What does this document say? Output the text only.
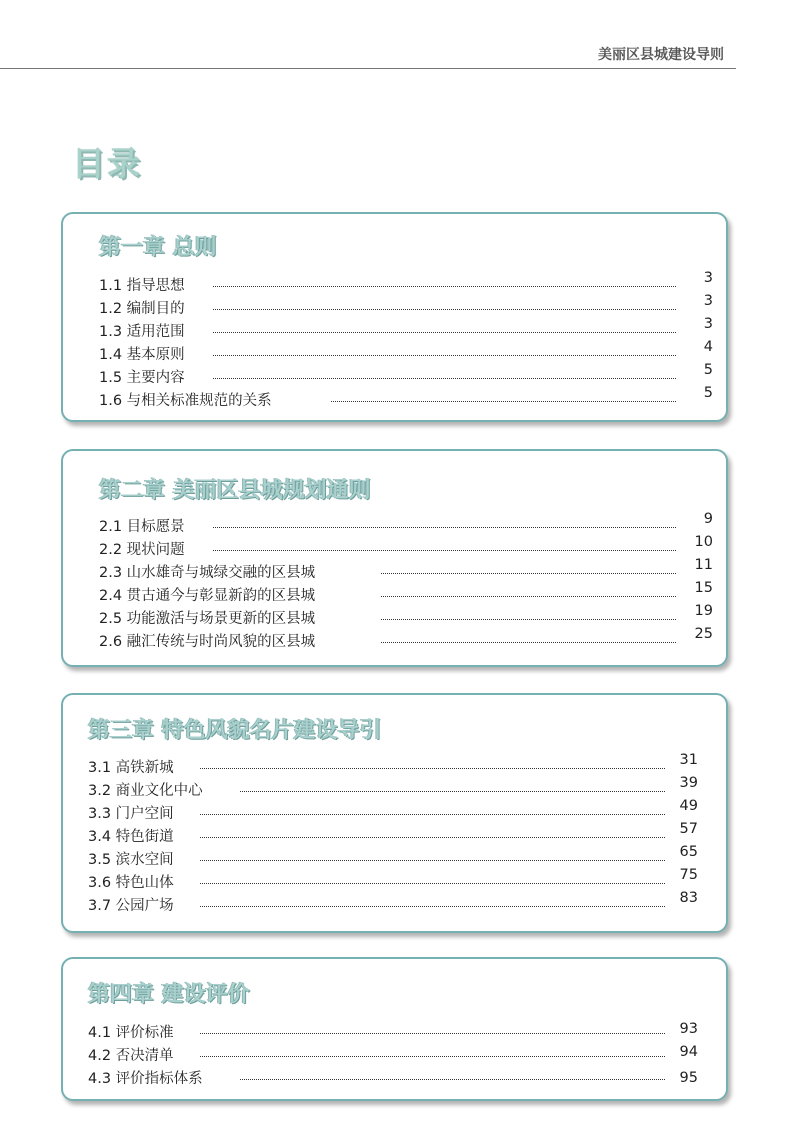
美丽区县城建设导则
目录
第一章 总则
1.1 指导思想	3
1.2 编制目的	3
1.3 适用范围	3
1.4 基本原则	4
1.5 主要内容	5
1.6 与相关标准规范的关系	5
第二章 美丽区县城规划通则
2.1 目标愿景	9
2.2 现状问题	10
2.3 山水雄奇与城绿交融的区县城	11
2.4 贯古通今与彰显新韵的区县城	15
2.5 功能激活与场景更新的区县城	19
2.6 融汇传统与时尚风貌的区县城	25
第三章 特色风貌名片建设导引
3.1 高铁新城	31
3.2 商业文化中心	39
3.3 门户空间	49
3.4 特色街道	57
3.5 滨水空间	65
3.6 特色山体	75
3.7 公园广场	83
第四章 建设评价
4.1 评价标准	93
4.2 否决清单	94
4.3 评价指标体系	95
